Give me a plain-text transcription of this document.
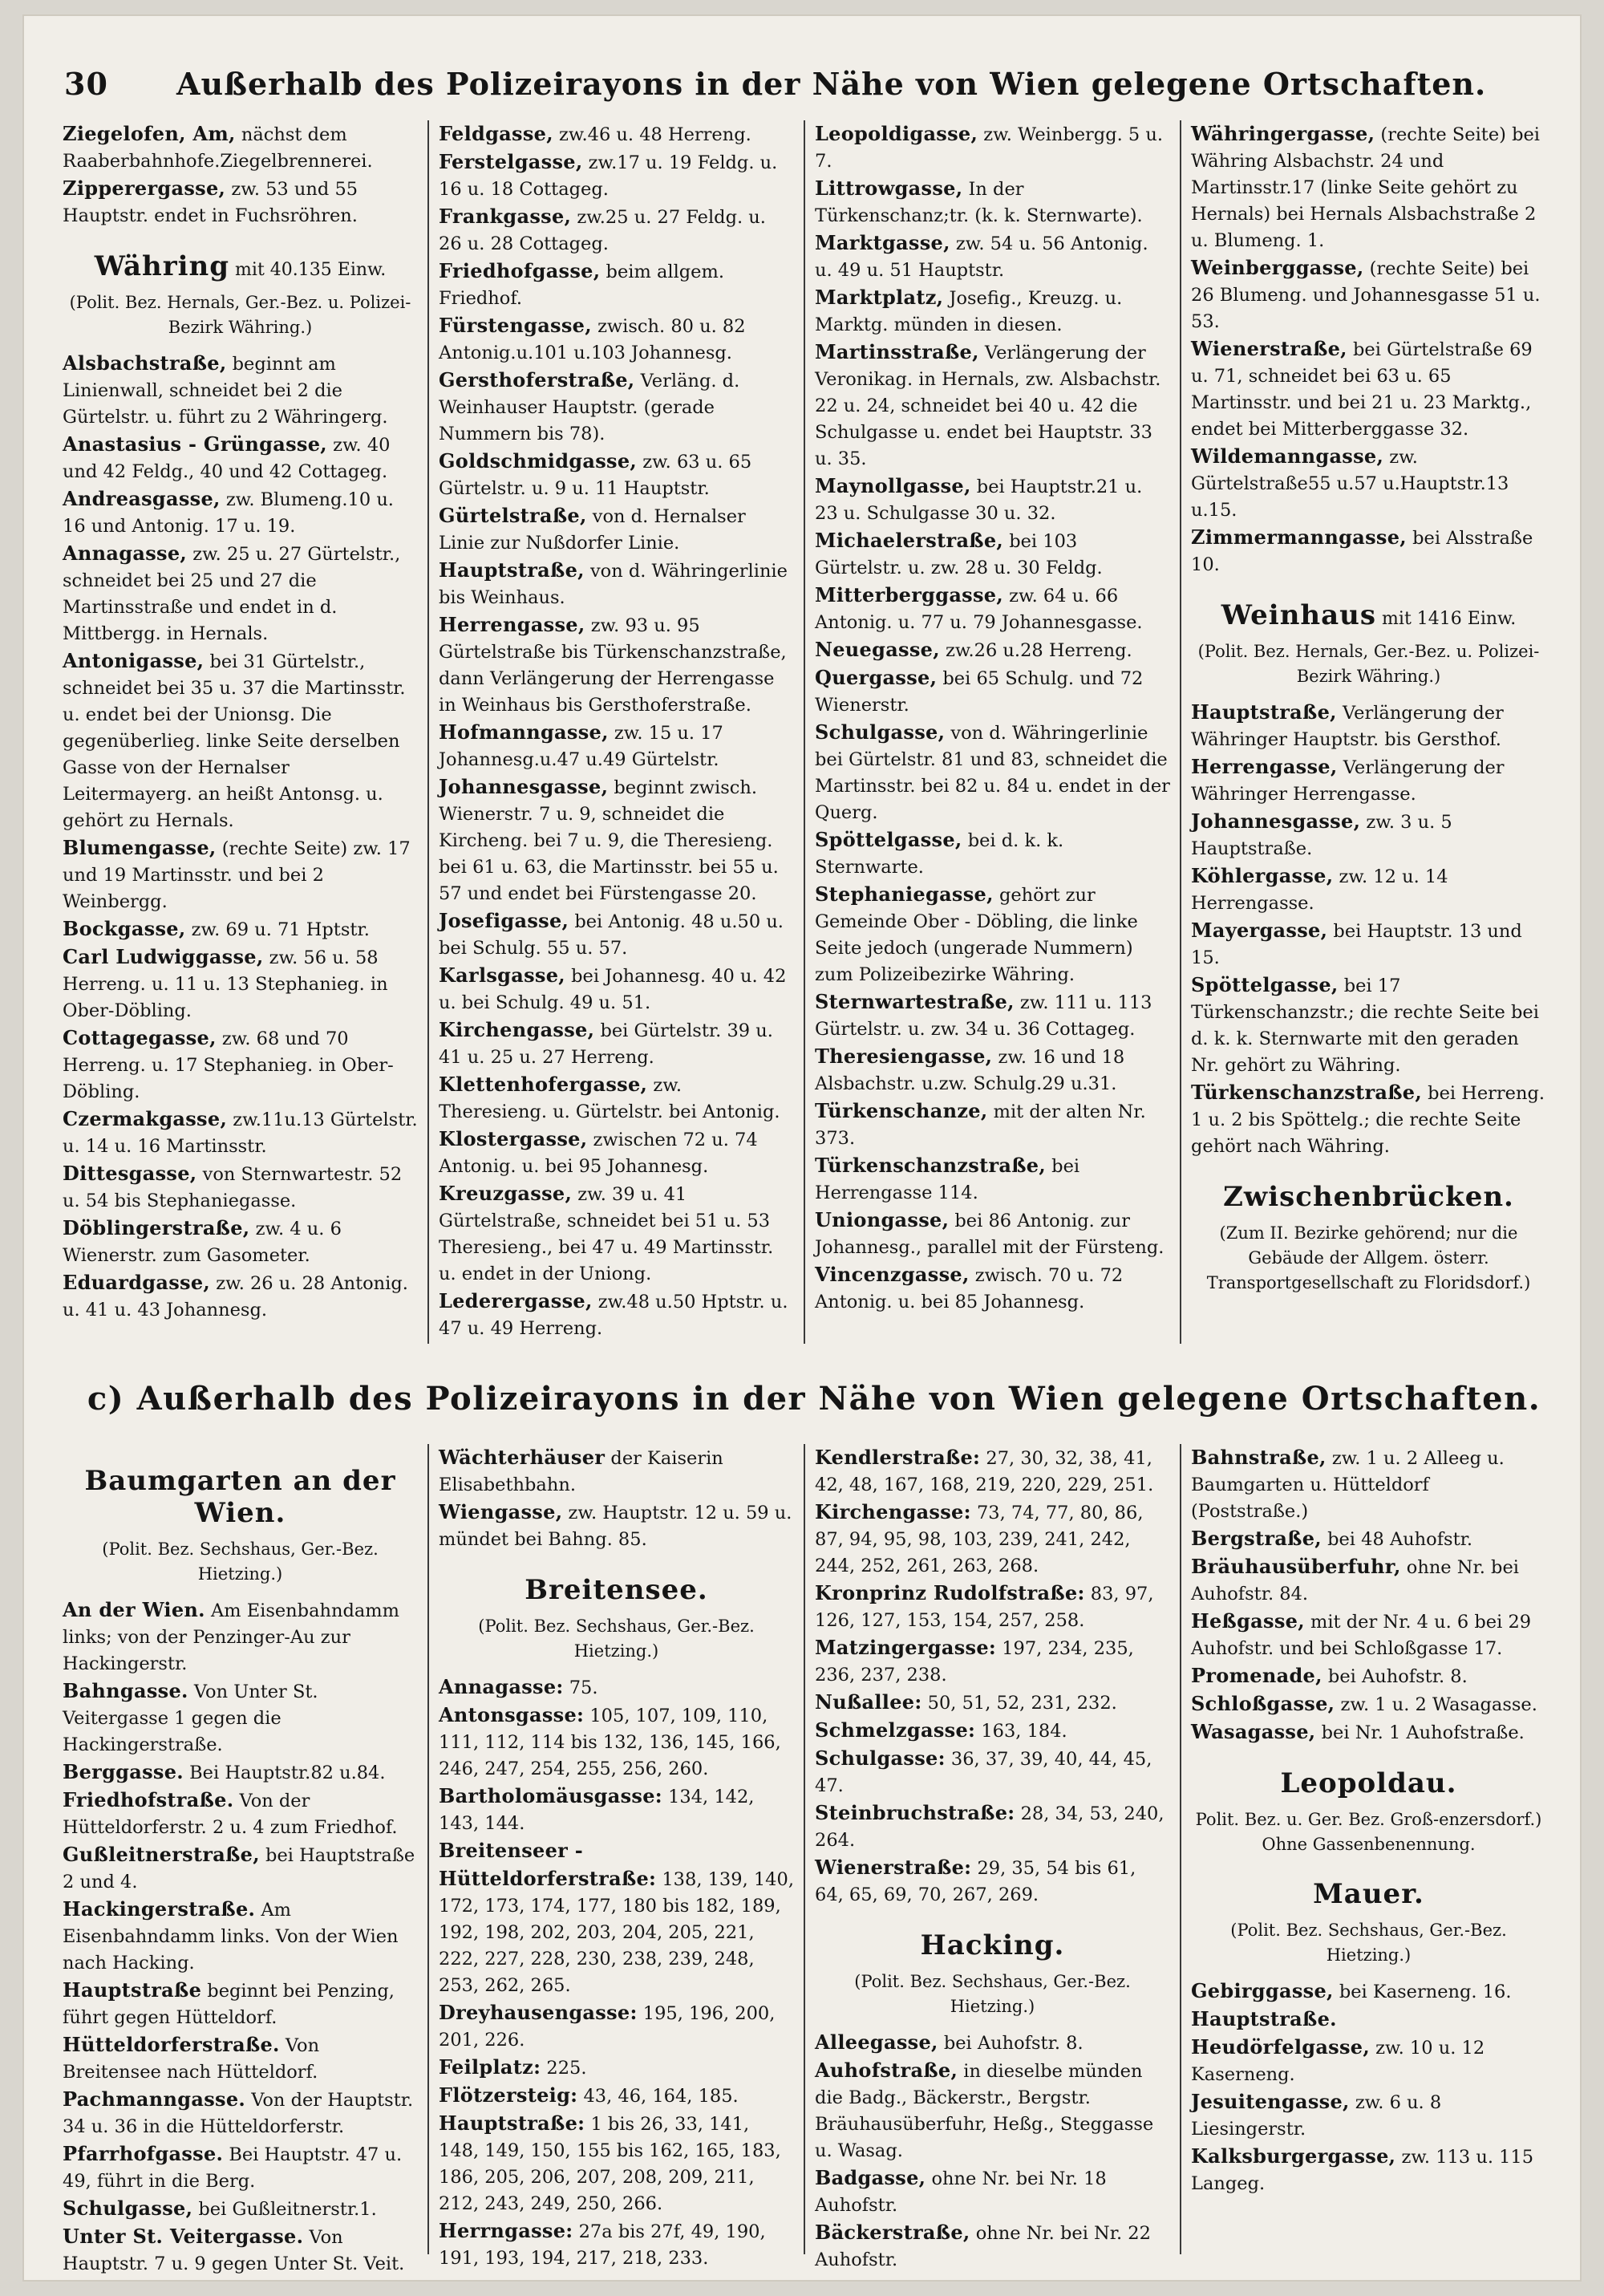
30 Außerhalb des Polizeirayons in der Nähe von Wien gelegene Ortschaften.

Ziegelofen, Am, nächst dem Raaberbahnhofe.Ziegelbrennerei.

Zipperergasse, zw. 53 und 55 Hauptstr. endet in Fuchsröhren.

Währing mit 40.135 Einw.
(Polit. Bez. Hernals, Ger.-Bez. u. Polizei-Bezirk Währing.)

Alsbachstraße, beginnt am Linienwall, schneidet bei 2 die Gürtelstr. u. führt zu 2 Währingerg.

Anastasius - Grüngasse, zw. 40 und 42 Feldg., 40 und 42 Cottageg.

Andreasgasse, zw. Blumeng.10 u. 16 und Antonig. 17 u. 19.

Annagasse, zw. 25 u. 27 Gürtelstr., schneidet bei 25 und 27 die Martinsstraße und endet in d. Mittbergg. in Hernals.

Antonigasse, bei 31 Gürtelstr., schneidet bei 35 u. 37 die Martinsstr. u. endet bei der Unionsg. Die gegenüberlieg. linke Seite derselben Gasse von der Hernalser Leitermayerg. an heißt Antonsg. u. gehört zu Hernals.

Blumengasse, (rechte Seite) zw. 17 und 19 Martinsstr. und bei 2 Weinbergg.

Bockgasse, zw. 69 u. 71 Hptstr.

Carl Ludwiggasse, zw. 56 u. 58 Herreng. u. 11 u. 13 Stephanieg. in Ober-Döbling.

Cottagegasse, zw. 68 und 70 Herreng. u. 17 Stephanieg. in Ober-Döbling.

Czermakgasse, zw.11u.13 Gürtelstr. u. 14 u. 16 Martinsstr.

Dittesgasse, von Sternwartestr. 52 u. 54 bis Stephaniegasse.

Döblingerstraße, zw. 4 u. 6 Wienerstr. zum Gasometer.

Eduardgasse, zw. 26 u. 28 Antonig. u. 41 u. 43 Johannesg.

Feldgasse, zw.46 u. 48 Herreng.

Ferstelgasse, zw.17 u. 19 Feldg. u. 16 u. 18 Cottageg.

Frankgasse, zw.25 u. 27 Feldg. u. 26 u. 28 Cottageg.

Friedhofgasse, beim allgem. Friedhof.

Fürstengasse, zwisch. 80 u. 82 Antonig.u.101 u.103 Johannesg.

Gersthoferstraße, Verläng. d. Weinhauser Hauptstr. (gerade Nummern bis 78).

Goldschmidgasse, zw. 63 u. 65 Gürtelstr. u. 9 u. 11 Hauptstr.

Gürtelstraße, von d. Hernalser Linie zur Nußdorfer Linie.

Hauptstraße, von d. Währingerlinie bis Weinhaus.

Herrengasse, zw. 93 u. 95 Gürtelstraße bis Türkenschanzstraße, dann Verlängerung der Herrengasse in Weinhaus bis Gersthoferstraße.

Hofmanngasse, zw. 15 u. 17 Johannesg.u.47 u.49 Gürtelstr.

Johannesgasse, beginnt zwisch. Wienerstr. 7 u. 9, schneidet die Kircheng. bei 7 u. 9, die Theresieng. bei 61 u. 63, die Martinsstr. bei 55 u. 57 und endet bei Fürstengasse 20.

Josefigasse, bei Antonig. 48 u.50 u. bei Schulg. 55 u. 57.

Karlsgasse, bei Johannesg. 40 u. 42 u. bei Schulg. 49 u. 51.

Kirchengasse, bei Gürtelstr. 39 u. 41 u. 25 u. 27 Herreng.

Klettenhofergasse, zw. Theresieng. u. Gürtelstr. bei Antonig.

Klostergasse, zwischen 72 u. 74 Antonig. u. bei 95 Johannesg.

Kreuzgasse, zw. 39 u. 41 Gürtelstraße, schneidet bei 51 u. 53 Theresieng., bei 47 u. 49 Martinsstr. u. endet in der Uniong.

Lederergasse, zw.48 u.50 Hptstr. u. 47 u. 49 Herreng.

Leopoldigasse, zw. Weinbergg. 5 u. 7.

Littrowgasse, In der Türkenschanz;tr. (k. k. Sternwarte).

Marktgasse, zw. 54 u. 56 Antonig. u. 49 u. 51 Hauptstr.

Marktplatz, Josefig., Kreuzg. u. Marktg. münden in diesen.

Martinsstraße, Verlängerung der Veronikag. in Hernals, zw. Alsbachstr. 22 u. 24, schneidet bei 40 u. 42 die Schulgasse u. endet bei Hauptstr. 33 u. 35.

Maynollgasse, bei Hauptstr.21 u. 23 u. Schulgasse 30 u. 32.

Michaelerstraße, bei 103 Gürtelstr. u. zw. 28 u. 30 Feldg.

Mitterberggasse, zw. 64 u. 66 Antonig. u. 77 u. 79 Johannesgasse.

Neuegasse, zw.26 u.28 Herreng.

Quergasse, bei 65 Schulg. und 72 Wienerstr.

Schulgasse, von d. Währingerlinie bei Gürtelstr. 81 und 83, schneidet die Martinsstr. bei 82 u. 84 u. endet in der Querg.

Spöttelgasse, bei d. k. k. Sternwarte.

Stephaniegasse, gehört zur Gemeinde Ober - Döbling, die linke Seite jedoch (ungerade Nummern) zum Polizeibezirke Währing.

Sternwartestraße, zw. 111 u. 113 Gürtelstr. u. zw. 34 u. 36 Cottageg.

Theresiengasse, zw. 16 und 18 Alsbachstr. u.zw. Schulg.29 u.31.

Türkenschanze, mit der alten Nr. 373.

Türkenschanzstraße, bei Herrengasse 114.

Uniongasse, bei 86 Antonig. zur Johannesg., parallel mit der Fürsteng.

Vincenzgasse, zwisch. 70 u. 72 Antonig. u. bei 85 Johannesg.

Währingergasse, (rechte Seite) bei Währing Alsbachstr. 24 und Martinsstr.17 (linke Seite gehört zu Hernals) bei Hernals Alsbachstraße 2 u. Blumeng. 1.

Weinberggasse, (rechte Seite) bei 26 Blumeng. und Johannesgasse 51 u. 53.

Wienerstraße, bei Gürtelstraße 69 u. 71, schneidet bei 63 u. 65 Martinsstr. und bei 21 u. 23 Marktg., endet bei Mitterberggasse 32.

Wildemanngasse, zw. Gürtelstraße55 u.57 u.Hauptstr.13 u.15.

Zimmermanngasse, bei Alsstraße 10.

Weinhaus mit 1416 Einw.
(Polit. Bez. Hernals, Ger.-Bez. u. Polizei-Bezirk Währing.)

Hauptstraße, Verlängerung der Währinger Hauptstr. bis Gersthof.

Herrengasse, Verlängerung der Währinger Herrengasse.

Johannesgasse, zw. 3 u. 5 Hauptstraße.

Köhlergasse, zw. 12 u. 14 Herrengasse.

Mayergasse, bei Hauptstr. 13 und 15.

Spöttelgasse, bei 17 Türkenschanzstr.; die rechte Seite bei d. k. k. Sternwarte mit den geraden Nr. gehört zu Währing.

Türkenschanzstraße, bei Herreng. 1 u. 2 bis Spöttelg.; die rechte Seite gehört nach Währing.

Zwischenbrücken.
(Zum II. Bezirke gehörend; nur die Gebäude der Allgem. österr. Transportgesellschaft zu Floridsdorf.)
c) Außerhalb des Polizeirayons in der Nähe von Wien gelegene Ortschaften.
Baumgarten an der Wien.
(Polit. Bez. Sechshaus, Ger.-Bez. Hietzing.)

An der Wien. Am Eisenbahndamm links; von der Penzinger-Au zur Hackingerstr.

Bahngasse. Von Unter St. Veitergasse 1 gegen die Hackingerstraße.

Berggasse. Bei Hauptstr.82 u.84.

Friedhofstraße. Von der Hütteldorferstr. 2 u. 4 zum Friedhof.

Gußleitnerstraße, bei Hauptstraße 2 und 4.

Hackingerstraße. Am Eisenbahndamm links. Von der Wien nach Hacking.

Hauptstraße beginnt bei Penzing, führt gegen Hütteldorf.

Hütteldorferstraße. Von Breitensee nach Hütteldorf.

Pachmanngasse. Von der Hauptstr. 34 u. 36 in die Hütteldorferstr.

Pfarrhofgasse. Bei Hauptstr. 47 u. 49, führt in die Berg.

Schulgasse, bei Gußleitnerstr.1.

Unter St. Veitergasse. Von Hauptstr. 7 u. 9 gegen Unter St. Veit.

Wächterhäuser der Kaiserin Elisabethbahn.

Wiengasse, zw. Hauptstr. 12 u. 59 u. mündet bei Bahng. 85.

Breitensee.
(Polit. Bez. Sechshaus, Ger.-Bez. Hietzing.)

Annagasse: 75.

Antonsgasse: 105, 107, 109, 110, 111, 112, 114 bis 132, 136, 145, 166, 246, 247, 254, 255, 256, 260.

Bartholomäusgasse: 134, 142, 143, 144.

Breitenseer - Hütteldorferstraße: 138, 139, 140, 172, 173, 174, 177, 180 bis 182, 189, 192, 198, 202, 203, 204, 205, 221, 222, 227, 228, 230, 238, 239, 248, 253, 262, 265.

Dreyhausengasse: 195, 196, 200, 201, 226.

Feilplatz: 225.

Flötzersteig: 43, 46, 164, 185.

Hauptstraße: 1 bis 26, 33, 141, 148, 149, 150, 155 bis 162, 165, 183, 186, 205, 206, 207, 208, 209, 211, 212, 243, 249, 250, 266.

Herrngasse: 27a bis 27f, 49, 190, 191, 193, 194, 217, 218, 233.

Kendlerstraße: 27, 30, 32, 38, 41, 42, 48, 167, 168, 219, 220, 229, 251.

Kirchengasse: 73, 74, 77, 80, 86, 87, 94, 95, 98, 103, 239, 241, 242, 244, 252, 261, 263, 268.

Kronprinz Rudolfstraße: 83, 97, 126, 127, 153, 154, 257, 258.

Matzingergasse: 197, 234, 235, 236, 237, 238.

Nußallee: 50, 51, 52, 231, 232.

Schmelzgasse: 163, 184.

Schulgasse: 36, 37, 39, 40, 44, 45, 47.

Steinbruchstraße: 28, 34, 53, 240, 264.

Wienerstraße: 29, 35, 54 bis 61, 64, 65, 69, 70, 267, 269.

Hacking.
(Polit. Bez. Sechshaus, Ger.-Bez. Hietzing.)

Alleegasse, bei Auhofstr. 8.

Auhofstraße, in dieselbe münden die Badg., Bäckerstr., Bergstr. Bräuhausüberfuhr, Heßg., Steggasse u. Wasag.

Badgasse, ohne Nr. bei Nr. 18 Auhofstr.

Bäckerstraße, ohne Nr. bei Nr. 22 Auhofstr.

Bahnstraße, zw. 1 u. 2 Alleeg u. Baumgarten u. Hütteldorf (Poststraße.)

Bergstraße, bei 48 Auhofstr.

Bräuhausüberfuhr, ohne Nr. bei Auhofstr. 84.

Heßgasse, mit der Nr. 4 u. 6 bei 29 Auhofstr. und bei Schloßgasse 17.

Promenade, bei Auhofstr. 8.

Schloßgasse, zw. 1 u. 2 Wasagasse.

Wasagasse, bei Nr. 1 Auhofstraße.

Leopoldau.
Polit. Bez. u. Ger. Bez. Groß-enzersdorf.) Ohne Gassenbenennung.
Mauer.
(Polit. Bez. Sechshaus, Ger.-Bez. Hietzing.)

Gebirggasse, bei Kaserneng. 16.

Hauptstraße.

Heudörfelgasse, zw. 10 u. 12 Kaserneng.

Jesuitengasse, zw. 6 u. 8 Liesingerstr.

Kalksburgergasse, zw. 113 u. 115 Langeg.
